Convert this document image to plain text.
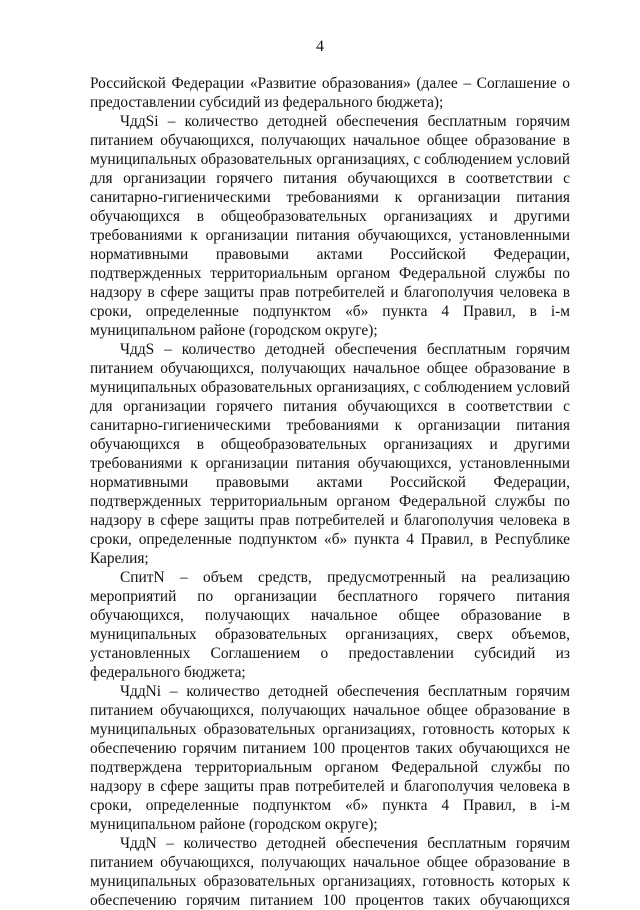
4

Российской Федерации «Развитие образования» (далее – Соглашение о предоставлении субсидий из федерального бюджета);

ЧддSi – количество детодней обеспечения бесплатным горячим питанием обучающихся, получающих начальное общее образование в муниципальных образовательных организациях, с соблюдением условий для организации горячего питания обучающихся в соответствии с санитарно-гигиеническими требованиями к организации питания обучающихся в общеобразовательных организациях и другими требованиями к организации питания обучающихся, установленными нормативными правовыми актами Российской Федерации, подтвержденных территориальным органом Федеральной службы по надзору в сфере защиты прав потребителей и благополучия человека в сроки, определенные подпунктом «б» пункта 4 Правил, в i-м муниципальном районе (городском округе);

ЧддS – количество детодней обеспечения бесплатным горячим питанием обучающихся, получающих начальное общее образование в муниципальных образовательных организациях, с соблюдением условий для организации горячего питания обучающихся в соответствии с санитарно-гигиеническими требованиями к организации питания обучающихся в общеобразовательных организациях и другими требованиями к организации питания обучающихся, установленными нормативными правовыми актами Российской Федерации, подтвержденных территориальным органом Федеральной службы по надзору в сфере защиты прав потребителей и благополучия человека в сроки, определенные подпунктом «б» пункта 4 Правил, в Республике Карелия;

СпитN – объем средств, предусмотренный на реализацию мероприятий по организации бесплатного горячего питания обучающихся, получающих начальное общее образование в муниципальных образовательных организациях, сверх объемов, установленных Соглашением о предоставлении субсидий из федерального бюджета;

ЧддNi – количество детодней обеспечения бесплатным горячим питанием обучающихся, получающих начальное общее образование в муниципальных образовательных организациях, готовность которых к обеспечению горячим питанием 100 процентов таких обучающихся не подтверждена территориальным органом Федеральной службы по надзору в сфере защиты прав потребителей и благополучия человека в сроки, определенные подпунктом «б» пункта 4 Правил, в i-м муниципальном районе (городском округе);

ЧддN – количество детодней обеспечения бесплатным горячим питанием обучающихся, получающих начальное общее образование в муниципальных образовательных организациях, готовность которых к обеспечению горячим питанием 100 процентов таких обучающихся
